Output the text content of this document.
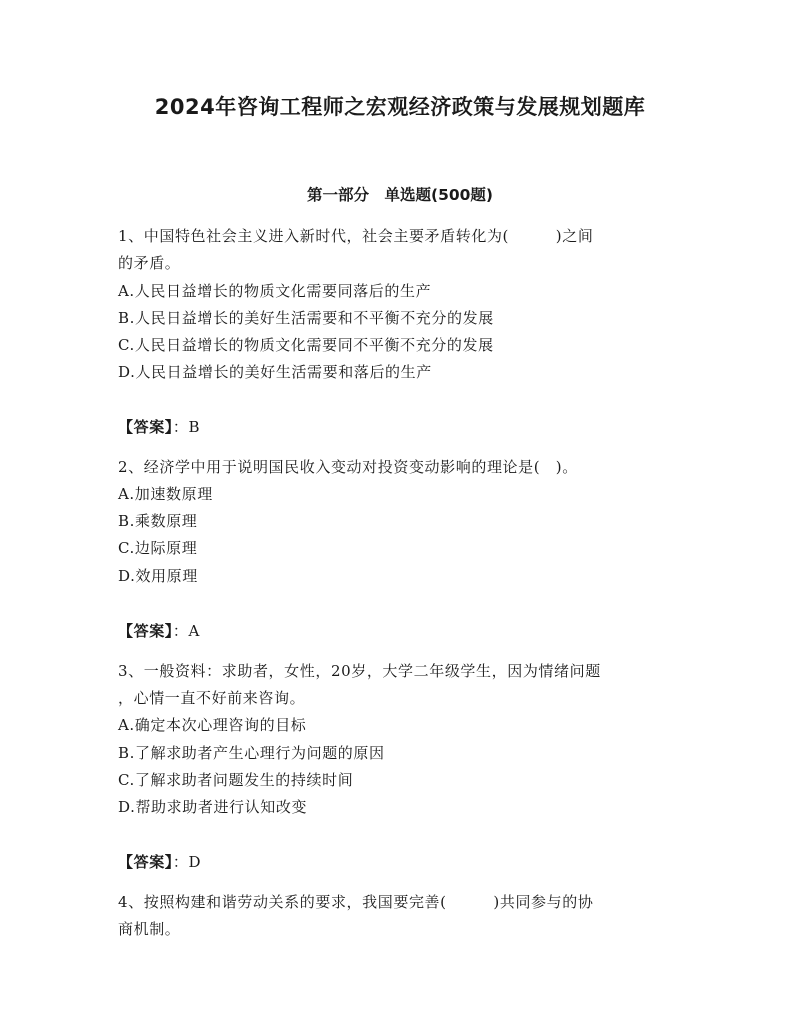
2024年咨询工程师之宏观经济政策与发展规划题库
第一部分　单选题(500题)
1、中国特色社会主义进入新时代，社会主要矛盾转化为(　　　)之间
的矛盾。
A.人民日益增长的物质文化需要同落后的生产
B.人民日益增长的美好生活需要和不平衡不充分的发展
C.人民日益增长的物质文化需要同不平衡不充分的发展
D.人民日益增长的美好生活需要和落后的生产
【答案】：B
2、经济学中用于说明国民收入变动对投资变动影响的理论是(　)。
A.加速数原理
B.乘数原理
C.边际原理
D.效用原理
【答案】：A
3、一般资料：求助者，女性，20岁，大学二年级学生，因为情绪问题
，心情一直不好前来咨询。
A.确定本次心理咨询的目标
B.了解求助者产生心理行为问题的原因
C.了解求助者问题发生的持续时间
D.帮助求助者进行认知改变
【答案】：D
4、按照构建和谐劳动关系的要求，我国要完善(　　　)共同参与的协
商机制。
